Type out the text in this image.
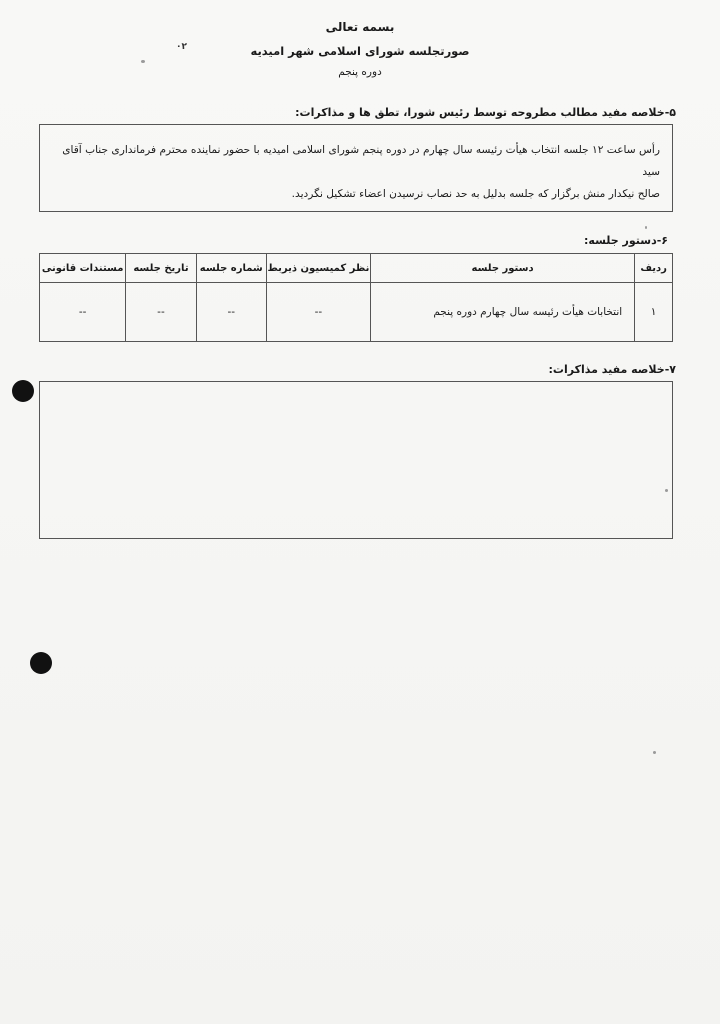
بسمه تعالی
صورتجلسه شورای اسلامی شهر امیدیه
دوره پنجم
۰۲
۵-خلاصه مفید مطالب مطروحه توسط رئیس شورا، تطق ها و مذاکرات:
رأس ساعت ۱۲ جلسه انتخاب هیأت رئیسه سال چهارم در دوره پنجم شورای اسلامی امیدیه با حضور نماینده محترم فرمانداری جناب آقای سید
صالح نیکدار منش برگزار که جلسه بدلیل به حد نصاب نرسیدن اعضاء تشکیل نگردید.
۶-دستور جلسه:
ردیف	دستور جلسه	نظر کمیسیون ذیربط	شماره جلسه	تاریخ جلسه	مستندات قانونی
۱	انتخابات هیأت رئیسه سال چهارم دوره پنجم	--	--	--	--
۷-خلاصه مفید مذاکرات:
